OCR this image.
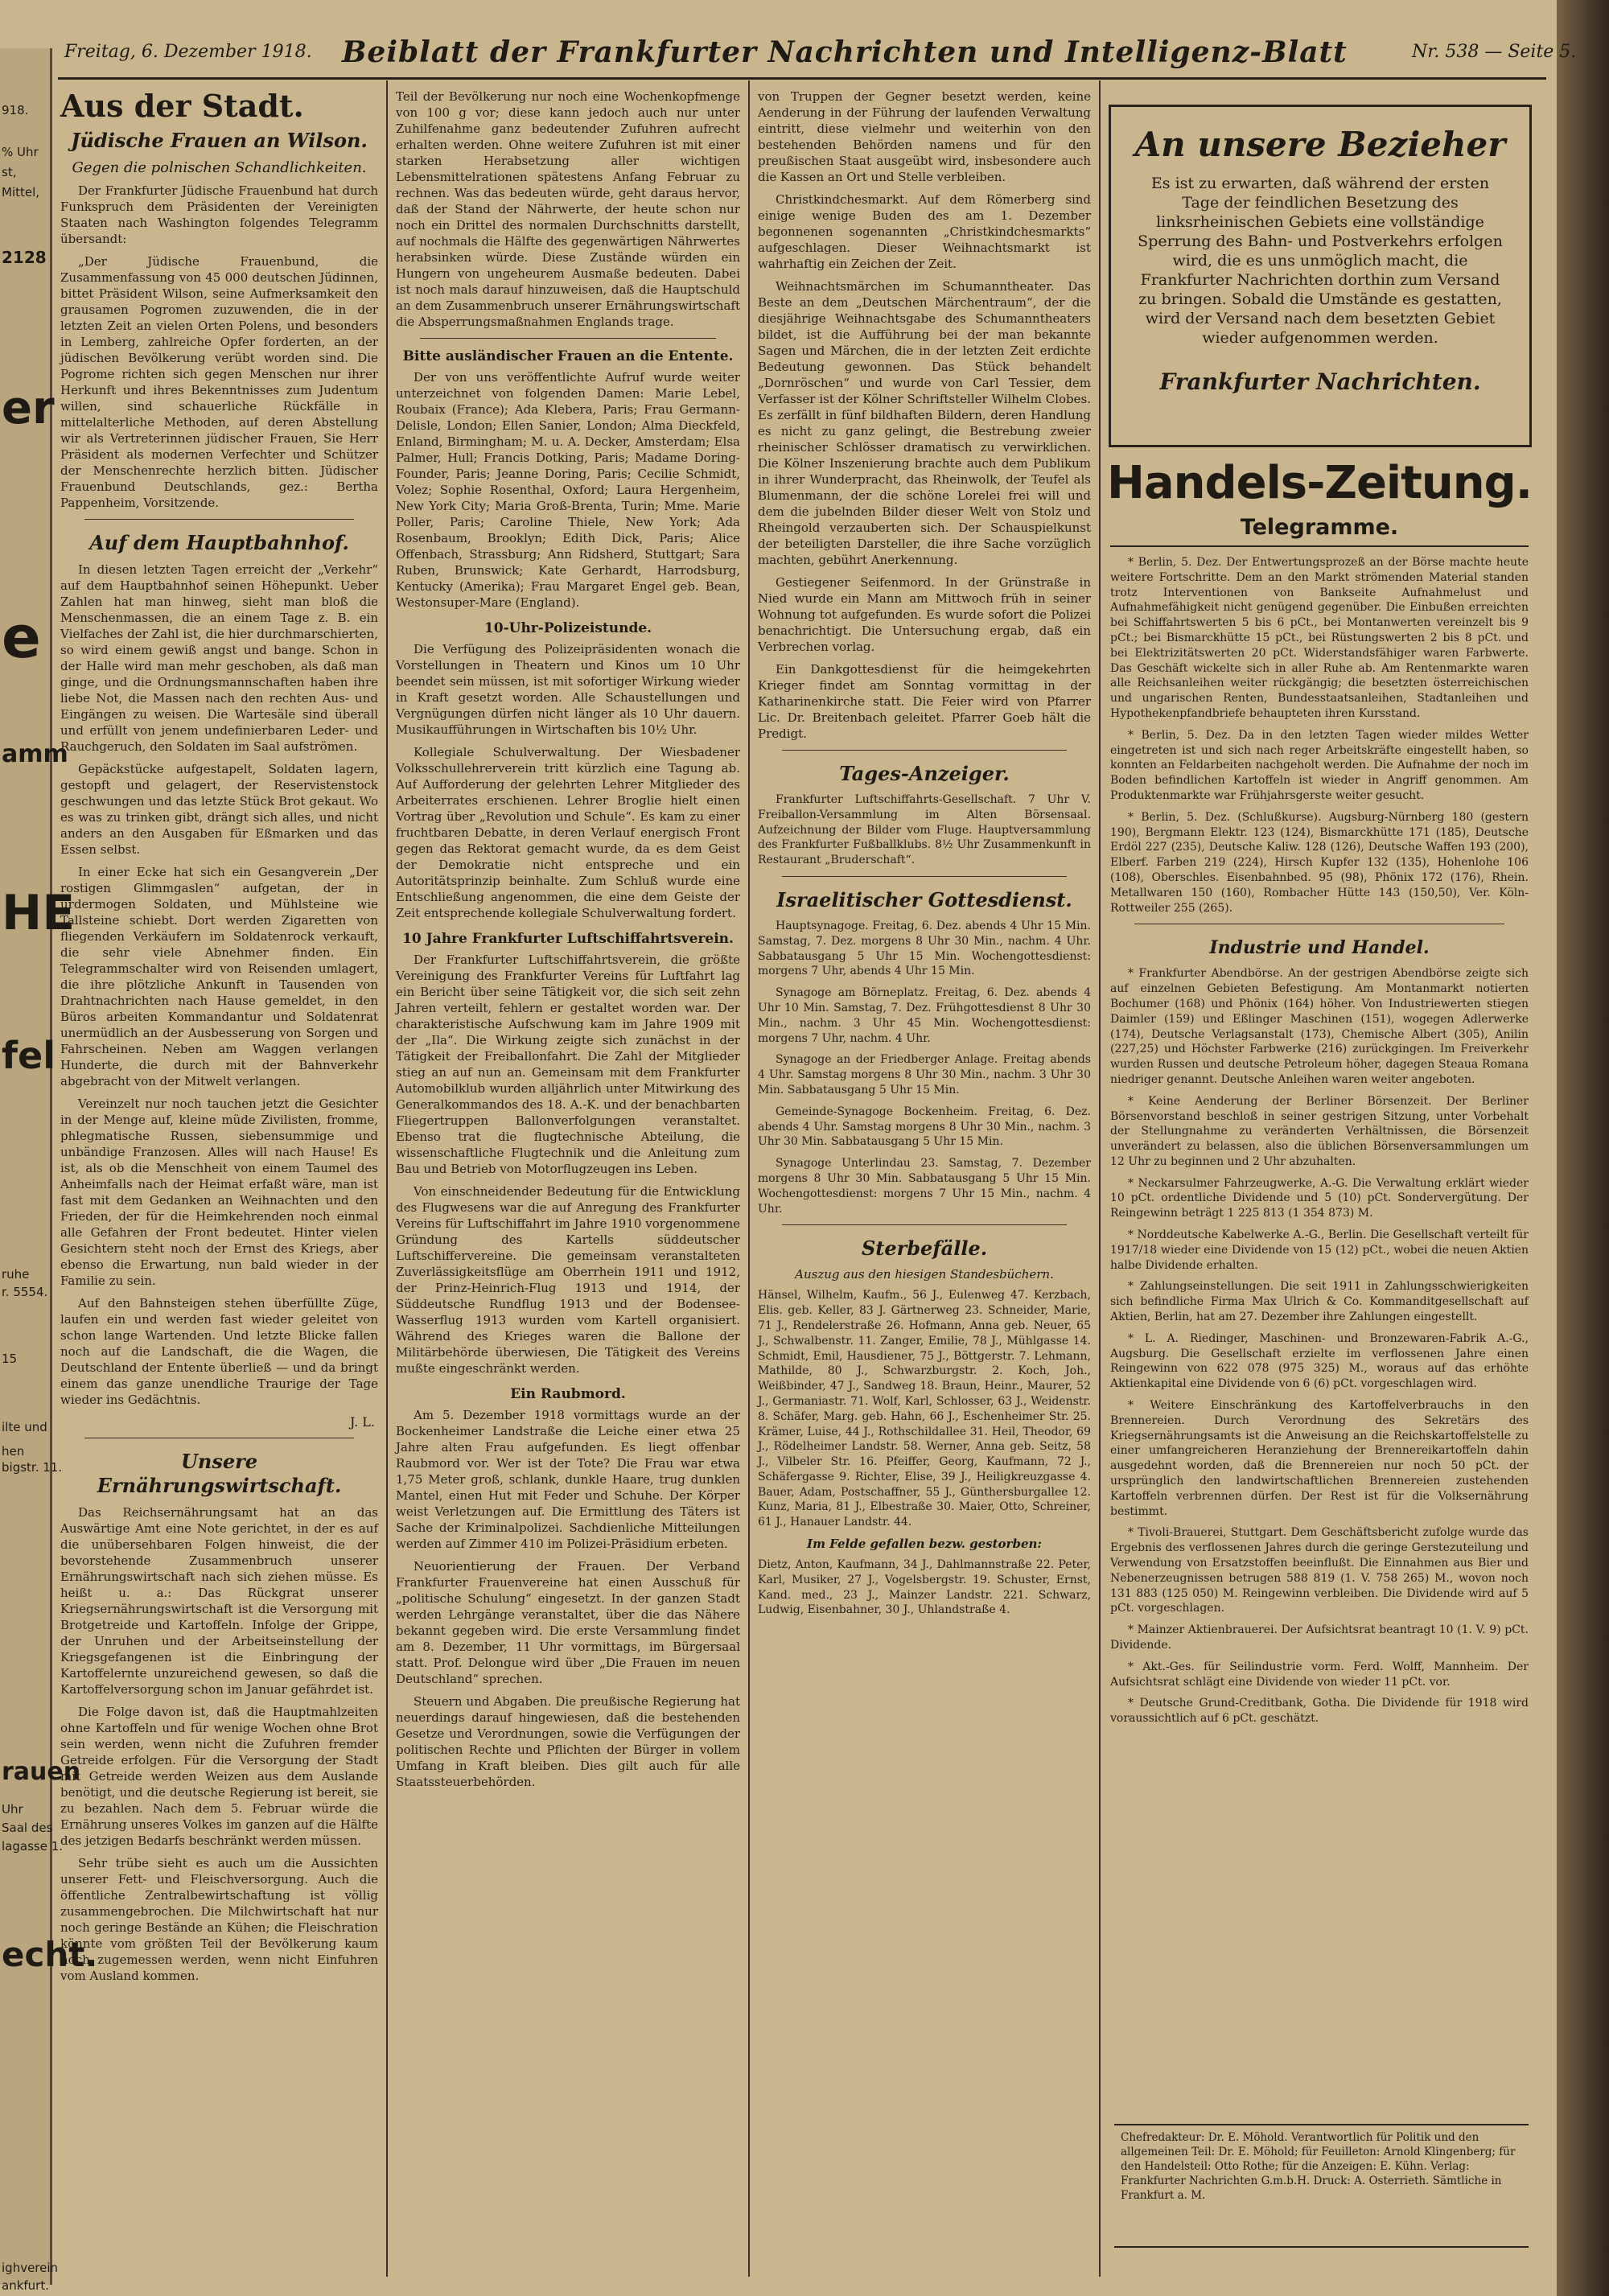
918.
% Uhr
st,
Mittel,
2128
er
e
amm
HE
fel
ruhe
r. 5554.
15
ilte und
hen
bigstr. 11.
rauen
Uhr
Saal des
lagasse 1.
echt.
ighverein
ankfurt.
Freitag, 6. Dezember 1918. Beiblatt der Frankfurter Nachrichten und Intelligenz-Blatt	Nr. 538 — Seite 5.
Aus der Stadt.
Jüdische Frauen an Wilson.
Gegen die polnischen Schandlichkeiten.

Der Frankfurter Jüdische Frauenbund hat durch Funkspruch dem Präsidenten der Vereinigten Staaten nach Washington folgendes Telegramm übersandt:

„Der Jüdische Frauenbund, die Zusammenfassung von 45 000 deutschen Jüdinnen, bittet Präsident Wilson, seine Aufmerksamkeit den grausamen Pogromen zuzuwenden, die in der letzten Zeit an vielen Orten Polens, und besonders in Lemberg, zahlreiche Opfer forderten, an der jüdischen Bevölkerung verübt worden sind. Die Pogrome richten sich gegen Menschen nur ihrer Herkunft und ihres Bekenntnisses zum Judentum willen, sind schauerliche Rückfälle in mittelalterliche Methoden, auf deren Abstellung wir als Vertreterinnen jüdischer Frauen, Sie Herr Präsident als modernen Verfechter und Schützer der Menschenrechte herzlich bitten. Jüdischer Frauenbund Deutschlands, gez.: Bertha Pappenheim, Vorsitzende.

Auf dem Hauptbahnhof.

In diesen letzten Tagen erreicht der „Verkehr“ auf dem Hauptbahnhof seinen Höhepunkt. Ueber Zahlen hat man hinweg, sieht man bloß die Menschenmassen, die an einem Tage z. B. ein Vielfaches der Zahl ist, die hier durchmarschierten, so wird einem gewiß angst und bange. Schon in der Halle wird man mehr geschoben, als daß man ginge, und die Ordnungsmannschaften haben ihre liebe Not, die Massen nach den rechten Aus- und Eingängen zu weisen. Die Wartesäle sind überall und erfüllt von jenem undefinierbaren Leder- und Rauchgeruch, den Soldaten im Saal aufströmen.

Gepäckstücke aufgestapelt, Soldaten lagern, gestopft und gelagert, der Reservistenstock geschwungen und das letzte Stück Brot gekaut. Wo es was zu trinken gibt, drängt sich alles, und nicht anders an den Ausgaben für Eßmarken und das Essen selbst.

In einer Ecke hat sich ein Gesangverein „Der rostigen Glimmgaslen“ aufgetan, der in urdermogen Soldaten, und Mühlsteine wie Tallsteine schiebt. Dort werden Zigaretten von fliegenden Verkäufern im Soldatenrock verkauft, die sehr viele Abnehmer finden. Ein Telegrammschalter wird von Reisenden umlagert, die ihre plötzliche Ankunft in Tausenden von Drahtnachrichten nach Hause gemeldet, in den Büros arbeiten Kommandantur und Soldatenrat unermüdlich an der Ausbesserung von Sorgen und Fahrscheinen. Neben am Waggen verlangen Hunderte, die durch mit der Bahnverkehr abgebracht von der Mitwelt verlangen.

Vereinzelt nur noch tauchen jetzt die Gesichter in der Menge auf, kleine müde Zivilisten, fromme, phlegmatische Russen, siebensummige und unbändige Franzosen. Alles will nach Hause! Es ist, als ob die Menschheit von einem Taumel des Anheimfalls nach der Heimat erfaßt wäre, man ist fast mit dem Gedanken an Weihnachten und den Frieden, der für die Heimkehrenden noch einmal alle Gefahren der Front bedeutet. Hinter vielen Gesichtern steht noch der Ernst des Kriegs, aber ebenso die Erwartung, nun bald wieder in der Familie zu sein.

Auf den Bahnsteigen stehen überfüllte Züge, laufen ein und werden fast wieder geleitet von schon lange Wartenden. Und letzte Blicke fallen noch auf die Landschaft, die die Wagen, die Deutschland der Entente überließ — und da bringt einem das ganze unendliche Traurige der Tage wieder ins Gedächtnis.

J. L.
Unsere Ernährungswirtschaft.

Das Reichsernährungsamt hat an das Auswärtige Amt eine Note gerichtet, in der es auf die unübersehbaren Folgen hinweist, die der bevorstehende Zusammenbruch unserer Ernährungswirtschaft nach sich ziehen müsse. Es heißt u. a.: Das Rückgrat unserer Kriegsernährungswirtschaft ist die Versorgung mit Brotgetreide und Kartoffeln. Infolge der Grippe, der Unruhen und der Arbeitseinstellung der Kriegsgefangenen ist die Einbringung der Kartoffelernte unzureichend gewesen, so daß die Kartoffelversorgung schon im Januar gefährdet ist.

Die Folge davon ist, daß die Hauptmahlzeiten ohne Kartoffeln und für wenige Wochen ohne Brot sein werden, wenn nicht die Zufuhren fremder Getreide erfolgen. Für die Versorgung der Stadt mit Getreide werden Weizen aus dem Auslande benötigt, und die deutsche Regierung ist bereit, sie zu bezahlen. Nach dem 5. Februar würde die Ernährung unseres Volkes im ganzen auf die Hälfte des jetzigen Bedarfs beschränkt werden müssen.

Sehr trübe sieht es auch um die Aussichten unserer Fett- und Fleischversorgung. Auch die öffentliche Zentralbewirtschaftung ist völlig zusammengebrochen. Die Milchwirtschaft hat nur noch geringe Bestände an Kühen; die Fleischration könnte vom größten Teil der Bevölkerung kaum noch zugemessen werden, wenn nicht Einfuhren vom Ausland kommen.

Teil der Bevölkerung nur noch eine Wochenkopfmenge von 100 g vor; diese kann jedoch auch nur unter Zuhilfenahme ganz bedeutender Zufuhren aufrecht erhalten werden. Ohne weitere Zufuhren ist mit einer starken Herabsetzung aller wichtigen Lebensmittelrationen spätestens Anfang Februar zu rechnen. Was das bedeuten würde, geht daraus hervor, daß der Stand der Nährwerte, der heute schon nur noch ein Drittel des normalen Durchschnitts darstellt, auf nochmals die Hälfte des gegenwärtigen Nährwertes herabsinken würde. Diese Zustände würden ein Hungern von ungeheurem Ausmaße bedeuten. Dabei ist noch mals darauf hinzuweisen, daß die Hauptschuld an dem Zusammenbruch unserer Ernährungswirtschaft die Absperrungsmaßnahmen Englands trage.

Bitte ausländischer Frauen an die Entente.

Der von uns veröffentlichte Aufruf wurde weiter unterzeichnet von folgenden Damen: Marie Lebel, Roubaix (France); Ada Klebera, Paris; Frau Germann-Delisle, London; Ellen Sanier, London; Alma Dieckfeld, Enland, Birmingham; M. u. A. Decker, Amsterdam; Elsa Palmer, Hull; Francis Dotking, Paris; Madame Doring-Founder, Paris; Jeanne Doring, Paris; Cecilie Schmidt, Volez; Sophie Rosenthal, Oxford; Laura Hergenheim, New York City; Maria Groß-Brenta, Turin; Mme. Marie Poller, Paris; Caroline Thiele, New York; Ada Rosenbaum, Brooklyn; Edith Dick, Paris; Alice Offenbach, Strassburg; Ann Ridsherd, Stuttgart; Sara Ruben, Brunswick; Kate Gerhardt, Harrodsburg, Kentucky (Amerika); Frau Margaret Engel geb. Bean, Westonsuper-Mare (England).

10-Uhr-Polizeistunde.

Die Verfügung des Polizeipräsidenten wonach die Vorstellungen in Theatern und Kinos um 10 Uhr beendet sein müssen, ist mit sofortiger Wirkung wieder in Kraft gesetzt worden. Alle Schaustellungen und Vergnügungen dürfen nicht länger als 10 Uhr dauern. Musikaufführungen in Wirtschaften bis 10½ Uhr.

Kollegiale Schulverwaltung. Der Wiesbadener Volksschullehrerverein tritt kürzlich eine Tagung ab. Auf Aufforderung der gelehrten Lehrer Mitglieder des Arbeiterrates erschienen. Lehrer Broglie hielt einen Vortrag über „Revolution und Schule“. Es kam zu einer fruchtbaren Debatte, in deren Verlauf energisch Front gegen das Rektorat gemacht wurde, da es dem Geist der Demokratie nicht entspreche und ein Autoritätsprinzip beinhalte. Zum Schluß wurde eine Entschließung angenommen, die eine dem Geiste der Zeit entsprechende kollegiale Schulverwaltung fordert.

10 Jahre Frankfurter Luftschiffahrtsverein.

Der Frankfurter Luftschiffahrtsverein, die größte Vereinigung des Frankfurter Vereins für Luftfahrt lag ein Bericht über seine Tätigkeit vor, die sich seit zehn Jahren verteilt, fehlern er gestaltet worden war. Der charakteristische Aufschwung kam im Jahre 1909 mit der „Ila“. Die Wirkung zeigte sich zunächst in der Tätigkeit der Freiballonfahrt. Die Zahl der Mitglieder stieg an auf nun an. Gemeinsam mit dem Frankfurter Automobilklub wurden alljährlich unter Mitwirkung des Generalkommandos des 18. A.-K. und der benachbarten Fliegertruppen Ballonverfolgungen veranstaltet. Ebenso trat die flugtechnische Abteilung, die wissenschaftliche Flugtechnik und die Anleitung zum Bau und Betrieb von Motorflugzeugen ins Leben.

Von einschneidender Bedeutung für die Entwicklung des Flugwesens war die auf Anregung des Frankfurter Vereins für Luftschiffahrt im Jahre 1910 vorgenommene Gründung des Kartells süddeutscher Luftschiffervereine. Die gemeinsam veranstalteten Zuverlässigkeitsflüge am Oberrhein 1911 und 1912, der Prinz-Heinrich-Flug 1913 und 1914, der Süddeutsche Rundflug 1913 und der Bodensee-Wasserflug 1913 wurden vom Kartell organisiert. Während des Krieges waren die Ballone der Militärbehörde überwiesen, Die Tätigkeit des Vereins mußte eingeschränkt werden.

Ein Raubmord.

Am 5. Dezember 1918 vormittags wurde an der Bockenheimer Landstraße die Leiche einer etwa 25 Jahre alten Frau aufgefunden. Es liegt offenbar Raubmord vor. Wer ist der Tote? Die Frau war etwa 1,75 Meter groß, schlank, dunkle Haare, trug dunklen Mantel, einen Hut mit Feder und Schuhe. Der Körper weist Verletzungen auf. Die Ermittlung des Täters ist Sache der Kriminalpolizei. Sachdienliche Mitteilungen werden auf Zimmer 410 im Polizei-Präsidium erbeten.

Neuorientierung der Frauen. Der Verband Frankfurter Frauenvereine hat einen Ausschuß für „politische Schulung“ eingesetzt. In der ganzen Stadt werden Lehrgänge veranstaltet, über die das Nähere bekannt gegeben wird. Die erste Versammlung findet am 8. Dezember, 11 Uhr vormittags, im Bürgersaal statt. Prof. Delongue wird über „Die Frauen im neuen Deutschland“ sprechen.

Steuern und Abgaben. Die preußische Regierung hat neuerdings darauf hingewiesen, daß die bestehenden Gesetze und Verordnungen, sowie die Verfügungen der politischen Rechte und Pflichten der Bürger in vollem Umfang in Kraft bleiben. Dies gilt auch für alle Staatssteuerbehörden.

von Truppen der Gegner besetzt werden, keine Aenderung in der Führung der laufenden Verwaltung eintritt, diese vielmehr und weiterhin von den bestehenden Behörden namens und für den preußischen Staat ausgeübt wird, insbesondere auch die Kassen an Ort und Stelle verbleiben.

Christkindchesmarkt. Auf dem Römerberg sind einige wenige Buden des am 1. Dezember begonnenen sogenannten „Christkindchesmarkts“ aufgeschlagen. Dieser Weihnachtsmarkt ist wahrhaftig ein Zeichen der Zeit.

Weihnachtsmärchen im Schumanntheater. Das Beste an dem „Deutschen Märchentraum“, der die diesjährige Weihnachtsgabe des Schumanntheaters bildet, ist die Aufführung bei der man bekannte Sagen und Märchen, die in der letzten Zeit erdichte Bedeutung gewonnen. Das Stück behandelt „Dornröschen“ und wurde von Carl Tessier, dem Verfasser ist der Kölner Schriftsteller Wilhelm Clobes. Es zerfällt in fünf bildhaften Bildern, deren Handlung es nicht zu ganz gelingt, die Bestrebung zweier rheinischer Schlösser dramatisch zu verwirklichen. Die Kölner Inszenierung brachte auch dem Publikum in ihrer Wunderpracht, das Rheinwolk, der Teufel als Blumenmann, der die schöne Lorelei frei will und dem die jubelnden Bilder dieser Welt von Stolz und Rheingold verzauberten sich. Der Schauspielkunst der beteiligten Darsteller, die ihre Sache vorzüglich machten, gebührt Anerkennung.

Gestiegener Seifenmord. In der Grünstraße in Nied wurde ein Mann am Mittwoch früh in seiner Wohnung tot aufgefunden. Es wurde sofort die Polizei benachrichtigt. Die Untersuchung ergab, daß ein Verbrechen vorlag.

Ein Dankgottesdienst für die heimgekehrten Krieger findet am Sonntag vormittag in der Katharinenkirche statt. Die Feier wird von Pfarrer Lic. Dr. Breitenbach geleitet. Pfarrer Goeb hält die Predigt.

Tages-Anzeiger.

Frankfurter Luftschiffahrts-Gesellschaft. 7 Uhr V. Freiballon-Versammlung im Alten Börsensaal. Aufzeichnung der Bilder vom Fluge. Hauptversammlung des Frankfurter Fußballklubs. 8½ Uhr Zusammenkunft in Restaurant „Bruderschaft“.

Israelitischer Gottesdienst.

Hauptsynagoge. Freitag, 6. Dez. abends 4 Uhr 15 Min. Samstag, 7. Dez. morgens 8 Uhr 30 Min., nachm. 4 Uhr. Sabbatausgang 5 Uhr 15 Min. Wochengottesdienst: morgens 7 Uhr, abends 4 Uhr 15 Min.

Synagoge am Börneplatz. Freitag, 6. Dez. abends 4 Uhr 10 Min. Samstag, 7. Dez. Frühgottesdienst 8 Uhr 30 Min., nachm. 3 Uhr 45 Min. Wochengottesdienst: morgens 7 Uhr, nachm. 4 Uhr.

Synagoge an der Friedberger Anlage. Freitag abends 4 Uhr. Samstag morgens 8 Uhr 30 Min., nachm. 3 Uhr 30 Min. Sabbatausgang 5 Uhr 15 Min.

Gemeinde-Synagoge Bockenheim. Freitag, 6. Dez. abends 4 Uhr. Samstag morgens 8 Uhr 30 Min., nachm. 3 Uhr 30 Min. Sabbatausgang 5 Uhr 15 Min.

Synagoge Unterlindau 23. Samstag, 7. Dezember morgens 8 Uhr 30 Min. Sabbatausgang 5 Uhr 15 Min. Wochengottesdienst: morgens 7 Uhr 15 Min., nachm. 4 Uhr.

Sterbefälle.
Auszug aus den hiesigen Standesbüchern.

Hänsel, Wilhelm, Kaufm., 56 J., Eulenweg 47. Kerzbach, Elis. geb. Keller, 83 J. Gärtnerweg 23. Schneider, Marie, 71 J., Rendelerstraße 26. Hofmann, Anna geb. Neuer, 65 J., Schwalbenstr. 11. Zanger, Emilie, 78 J., Mühlgasse 14. Schmidt, Emil, Hausdiener, 75 J., Böttgerstr. 7. Lehmann, Mathilde, 80 J., Schwarzburgstr. 2. Koch, Joh., Weißbinder, 47 J., Sandweg 18. Braun, Heinr., Maurer, 52 J., Germaniastr. 71. Wolf, Karl, Schlosser, 63 J., Weidenstr. 8. Schäfer, Marg. geb. Hahn, 66 J., Eschenheimer Str. 25. Krämer, Luise, 44 J., Rothschildallee 31. Heil, Theodor, 69 J., Rödelheimer Landstr. 58. Werner, Anna geb. Seitz, 58 J., Vilbeler Str. 16. Pfeiffer, Georg, Kaufmann, 72 J., Schäfergasse 9. Richter, Elise, 39 J., Heiligkreuzgasse 4. Bauer, Adam, Postschaffner, 55 J., Günthersburgallee 12. Kunz, Maria, 81 J., Elbestraße 30. Maier, Otto, Schreiner, 61 J., Hanauer Landstr. 44.

Im Felde gefallen bezw. gestorben:

Dietz, Anton, Kaufmann, 34 J., Dahlmannstraße 22. Peter, Karl, Musiker, 27 J., Vogelsbergstr. 19. Schuster, Ernst, Kand. med., 23 J., Mainzer Landstr. 221. Schwarz, Ludwig, Eisenbahner, 30 J., Uhlandstraße 4.

An unsere Bezieher
Es ist zu erwarten, daß während der ersten Tage der feindlichen Besetzung des linksrheinischen Gebiets eine vollständige Sperrung des Bahn- und Postverkehrs erfolgen wird, die es uns unmöglich macht, die Frankfurter Nachrichten dorthin zum Versand zu bringen. Sobald die Umstände es gestatten, wird der Versand nach dem besetzten Gebiet wieder aufgenommen werden.
Frankfurter Nachrichten.
Handels-Zeitung.
Telegramme.

* Berlin, 5. Dez. Der Entwertungsprozeß an der Börse machte heute weitere Fortschritte. Dem an den Markt strömenden Material standen trotz Interventionen von Bankseite Aufnahmelust und Aufnahmefähigkeit nicht genügend gegenüber. Die Einbußen erreichten bei Schiffahrtswerten 5 bis 6 pCt., bei Montanwerten vereinzelt bis 9 pCt.; bei Bismarckhütte 15 pCt., bei Rüstungswerten 2 bis 8 pCt. und bei Elektrizitätswerten 20 pCt. Widerstandsfähiger waren Farbwerte. Das Geschäft wickelte sich in aller Ruhe ab. Am Rentenmarkte waren alle Reichsanleihen weiter rückgängig; die besetzten österreichischen und ungarischen Renten, Bundesstaatsanleihen, Stadtanleihen und Hypothekenpfandbriefe behaupteten ihren Kursstand.

* Berlin, 5. Dez. Da in den letzten Tagen wieder mildes Wetter eingetreten ist und sich nach reger Arbeitskräfte eingestellt haben, so konnten an Feldarbeiten nachgeholt werden. Die Aufnahme der noch im Boden befindlichen Kartoffeln ist wieder in Angriff genommen. Am Produktenmarkte war Frühjahrsgerste weiter gesucht.

* Berlin, 5. Dez. (Schlußkurse). Augsburg-Nürnberg 180 (gestern 190), Bergmann Elektr. 123 (124), Bismarckhütte 171 (185), Deutsche Erdöl 227 (235), Deutsche Kaliw. 128 (126), Deutsche Waffen 193 (200), Elberf. Farben 219 (224), Hirsch Kupfer 132 (135), Hohenlohe 106 (108), Oberschles. Eisenbahnbed. 95 (98), Phönix 172 (176), Rhein. Metallwaren 150 (160), Rombacher Hütte 143 (150,50), Ver. Köln-Rottweiler 255 (265).

Industrie und Handel.

* Frankfurter Abendbörse. An der gestrigen Abendbörse zeigte sich auf einzelnen Gebieten Befestigung. Am Montanmarkt notierten Bochumer (168) und Phönix (164) höher. Von Industriewerten stiegen Daimler (159) und Eßlinger Maschinen (151), wogegen Adlerwerke (174), Deutsche Verlagsanstalt (173), Chemische Albert (305), Anilin (227,25) und Höchster Farbwerke (216) zurückgingen. Im Freiverkehr wurden Russen und deutsche Petroleum höher, dagegen Steaua Romana niedriger genannt. Deutsche Anleihen waren weiter angeboten.

* Keine Aenderung der Berliner Börsenzeit. Der Berliner Börsenvorstand beschloß in seiner gestrigen Sitzung, unter Vorbehalt der Stellungnahme zu veränderten Verhältnissen, die Börsenzeit unverändert zu belassen, also die üblichen Börsenversammlungen um 12 Uhr zu beginnen und 2 Uhr abzuhalten.

* Neckarsulmer Fahrzeugwerke, A.-G. Die Verwaltung erklärt wieder 10 pCt. ordentliche Dividende und 5 (10) pCt. Sondervergütung. Der Reingewinn beträgt 1 225 813 (1 354 873) M.

* Norddeutsche Kabelwerke A.-G., Berlin. Die Gesellschaft verteilt für 1917/18 wieder eine Dividende von 15 (12) pCt., wobei die neuen Aktien halbe Dividende erhalten.

* Zahlungseinstellungen. Die seit 1911 in Zahlungsschwierigkeiten sich befindliche Firma Max Ulrich & Co. Kommanditgesellschaft auf Aktien, Berlin, hat am 27. Dezember ihre Zahlungen eingestellt.

* L. A. Riedinger, Maschinen- und Bronzewaren-Fabrik A.-G., Augsburg. Die Gesellschaft erzielte im verflossenen Jahre einen Reingewinn von 622 078 (975 325) M., woraus auf das erhöhte Aktienkapital eine Dividende von 6 (6) pCt. vorgeschlagen wird.

* Weitere Einschränkung des Kartoffelverbrauchs in den Brennereien. Durch Verordnung des Sekretärs des Kriegsernährungsamts ist die Anweisung an die Reichskartoffelstelle zu einer umfangreicheren Heranziehung der Brennereikartoffeln dahin ausgedehnt worden, daß die Brennereien nur noch 50 pCt. der ursprünglich den landwirtschaftlichen Brennereien zustehenden Kartoffeln verbrennen dürfen. Der Rest ist für die Volksernährung bestimmt.

* Tivoli-Brauerei, Stuttgart. Dem Geschäftsbericht zufolge wurde das Ergebnis des verflossenen Jahres durch die geringe Gerstezuteilung und Verwendung von Ersatzstoffen beeinflußt. Die Einnahmen aus Bier und Nebenerzeugnissen betrugen 588 819 (1. V. 758 265) M., wovon noch 131 883 (125 050) M. Reingewinn verbleiben. Die Dividende wird auf 5 pCt. vorgeschlagen.

* Mainzer Aktienbrauerei. Der Aufsichtsrat beantragt 10 (1. V. 9) pCt. Dividende.

* Akt.-Ges. für Seilindustrie vorm. Ferd. Wolff, Mannheim. Der Aufsichtsrat schlägt eine Dividende von wieder 11 pCt. vor.

* Deutsche Grund-Creditbank, Gotha. Die Dividende für 1918 wird voraussichtlich auf 6 pCt. geschätzt.

Chefredakteur: Dr. E. Möhold. Verantwortlich für Politik und den allgemeinen Teil: Dr. E. Möhold; für Feuilleton: Arnold Klingenberg; für den Handelsteil: Otto Rothe; für die Anzeigen: E. Kühn. Verlag: Frankfurter Nachrichten G.m.b.H. Druck: A. Osterrieth. Sämtliche in Frankfurt a. M.
